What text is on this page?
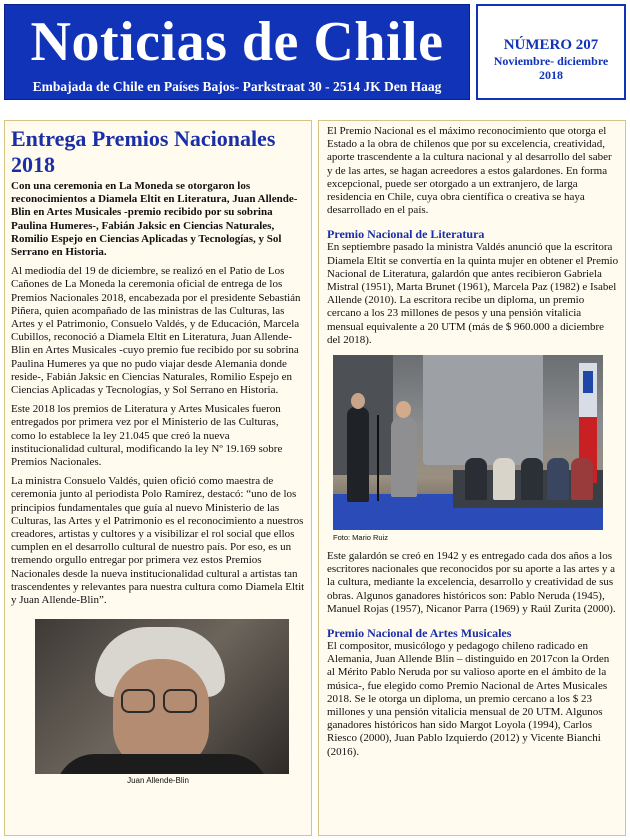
Noticias de Chile
Embajada de Chile en Países Bajos- Parkstraat 30 - 2514 JK Den Haag
NÚMERO 207
Noviembre- diciembre
2018
Entrega Premios Nacionales 2018

Con una ceremonia en La Moneda se otorgaron los reconocimientos a Diamela Eltit en Literatura, Juan Allende-Blin en Artes Musicales -premio recibido por su sobrina Paulina Humeres-, Fabián Jaksic en Ciencias Naturales, Romilio Espejo en Ciencias Aplicadas y Tecnologías, y Sol Serrano en Historia.

Al mediodía del 19 de diciembre, se realizó en el Patio de Los Cañones de La Moneda la ceremonia oficial de entrega de los Premios Nacionales 2018, encabezada por el presidente Sebastián Piñera, quien acompañado de las ministras de las Culturas, las Artes y el Patrimonio, Consuelo Valdés, y de Educación, Marcela Cubillos, reconoció a Diamela Eltit en Literatura, Juan Allende-Blin en Artes Musicales -cuyo premio fue recibido por su sobrina Paulina Humeres ya que no pudo viajar desde Alemania donde reside-, Fabián Jaksic en Ciencias Naturales, Romilio Espejo en Ciencias Aplicadas y Tecnologías, y Sol Serrano en Historia.

Este 2018 los premios de Literatura y Artes Musicales fueron entregados por primera vez por el Ministerio de las Culturas, como lo establece la ley 21.045 que creó la nueva institucionalidad cultural, modificando la ley Nº 19.169 sobre Premios Nacionales.

La ministra Consuelo Valdés, quien ofició como maestra de ceremonia junto al periodista Polo Ramírez, destacó: “uno de los principios fundamentales que guía al nuevo Ministerio de las Culturas, las Artes y el Patrimonio es el reconocimiento a nuestros creadores, artistas y cultores y a visibilizar el rol social que ellos cumplen en el desarrollo cultural de nuestro país. Por eso, es un tremendo orgullo entregar por primera vez estos Premios Nacionales desde la nueva institucionalidad cultural a artistas tan trascendentes y relevantes para nuestra cultura como Diamela Eltit y Juan Allende-Blin”.

Juan Allende-Blin

El Premio Nacional es el máximo reconocimiento que otorga el Estado a la obra de chilenos que por su excelencia, creatividad, aporte trascendente a la cultura nacional y al desarrollo del saber y de las artes, se hagan acreedores a estos galardones. En forma excepcional, puede ser otorgado a un extranjero, de larga residencia en Chile, cuya obra científica o creativa se haya desarrollado en el país.

Premio Nacional de Literatura

En septiembre pasado la ministra Valdés anunció que la escritora Diamela Eltit se convertía en la quinta mujer en obtener el Premio Nacional de Literatura, galardón que antes recibieron Gabriela Mistral (1951), Marta Brunet (1961), Marcela Paz (1982) e Isabel Allende (2010). La escritora recibe un diploma, un premio cercano a los 23 millones de pesos y una pensión vitalicia mensual equivalente a 20 UTM (más de $ 960.000 a diciembre del 2018).

Foto: Mario Ruiz

Este galardón se creó en 1942 y es entregado cada dos años a los escritores nacionales que reconocidos por su aporte a las artes y a la cultura, mediante la excelencia, desarrollo y creatividad de sus obras. Algunos ganadores históricos son: Pablo Neruda (1945), Manuel Rojas (1957), Nicanor Parra (1969) y Raúl Zurita (2000).

Premio Nacional de Artes Musicales

El compositor, musicólogo y pedagogo chileno radicado en Alemania, Juan Allende Blin – distinguido en 2017con la Orden al Mérito Pablo Neruda por su valioso aporte en el ámbito de la música-, fue elegido como Premio Nacional de Artes Musicales 2018. Se le otorga un diploma, un premio cercano a los $ 23 millones y una pensión vitalicia mensual de 20 UTM. Algunos ganadores históricos han sido Margot Loyola (1994), Carlos Riesco (2000), Juan Pablo Izquierdo (2012) y Vicente Bianchi (2016).
